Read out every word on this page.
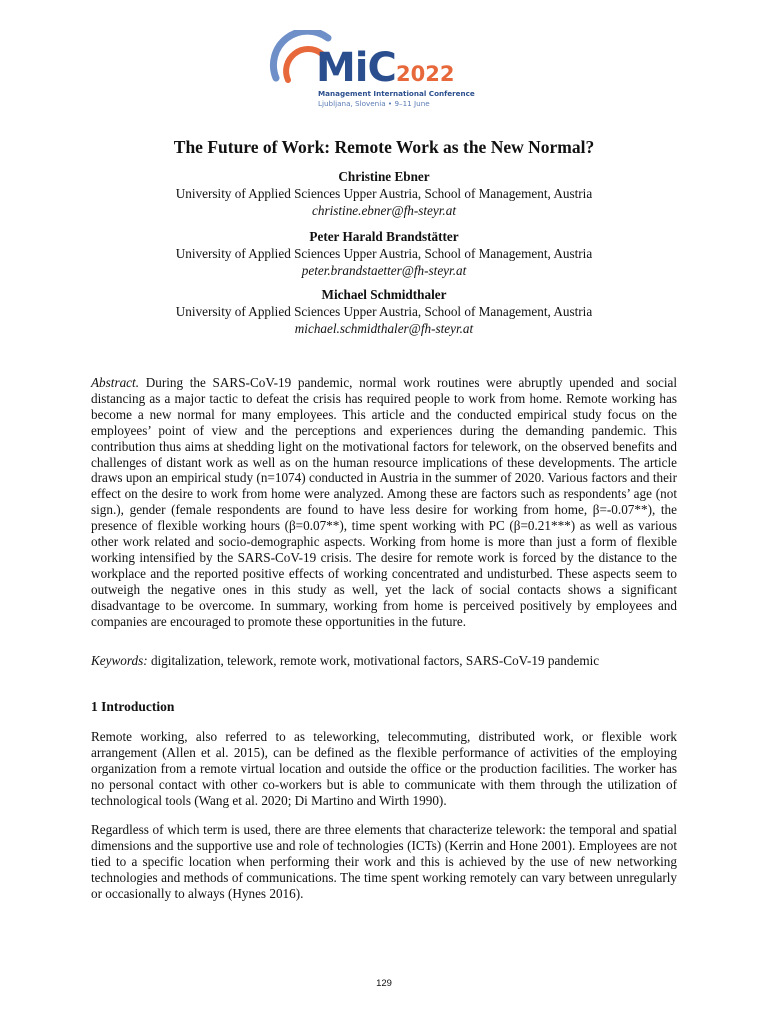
MiC 2022
Management International Conference
Ljubljana, Slovenia • 9–11 June
The Future of Work: Remote Work as the New Normal?
Christine Ebner
University of Applied Sciences Upper Austria, School of Management, Austria
christine.ebner@fh-steyr.at
Peter Harald Brandstätter
University of Applied Sciences Upper Austria, School of Management, Austria
peter.brandstaetter@fh-steyr.at
Michael Schmidthaler
University of Applied Sciences Upper Austria, School of Management, Austria
michael.schmidthaler@fh-steyr.at
Abstract. During the SARS-CoV-19 pandemic, normal work routines were abruptly upended and social distancing as a major tactic to defeat the crisis has required people to work from home. Remote working has become a new normal for many employees. This article and the conducted empirical study focus on the employees’ point of view and the perceptions and experiences during the demanding pandemic. This contribution thus aims at shedding light on the motivational factors for telework, on the observed benefits and challenges of distant work as well as on the human resource implications of these developments. The article draws upon an empirical study (n=1074) conducted in Austria in the summer of 2020. Various factors and their effect on the desire to work from home were analyzed. Among these are factors such as respondents’ age (not sign.), gender (female respondents are found to have less desire for working from home, β=-0.07**), the presence of flexible working hours (β=0.07**), time spent working with PC (β=0.21***) as well as various other work related and socio-demographic aspects. Working from home is more than just a form of flexible working intensified by the SARS-CoV-19 crisis. The desire for remote work is forced by the distance to the workplace and the reported positive effects of working concentrated and undisturbed. These aspects seem to outweigh the negative ones in this study as well, yet the lack of social contacts shows a significant disadvantage to be overcome. In summary, working from home is perceived positively by employees and companies are encouraged to promote these opportunities in the future.
Keywords: digitalization, telework, remote work, motivational factors, SARS-CoV-19 pandemic
1 Introduction
Remote working, also referred to as teleworking, telecommuting, distributed work, or flexible work arrangement (Allen et al. 2015), can be defined as the flexible performance of activities of the employing organization from a remote virtual location and outside the office or the production facilities. The worker has no personal contact with other co-workers but is able to communicate with them through the utilization of technological tools (Wang et al. 2020; Di Martino and Wirth 1990).
Regardless of which term is used, there are three elements that characterize telework: the temporal and spatial dimensions and the supportive use and role of technologies (ICTs) (Kerrin and Hone 2001). Employees are not tied to a specific location when performing their work and this is achieved by the use of new networking technologies and methods of communications. The time spent working remotely can vary between unregularly or occasionally to always (Hynes 2016).
129
